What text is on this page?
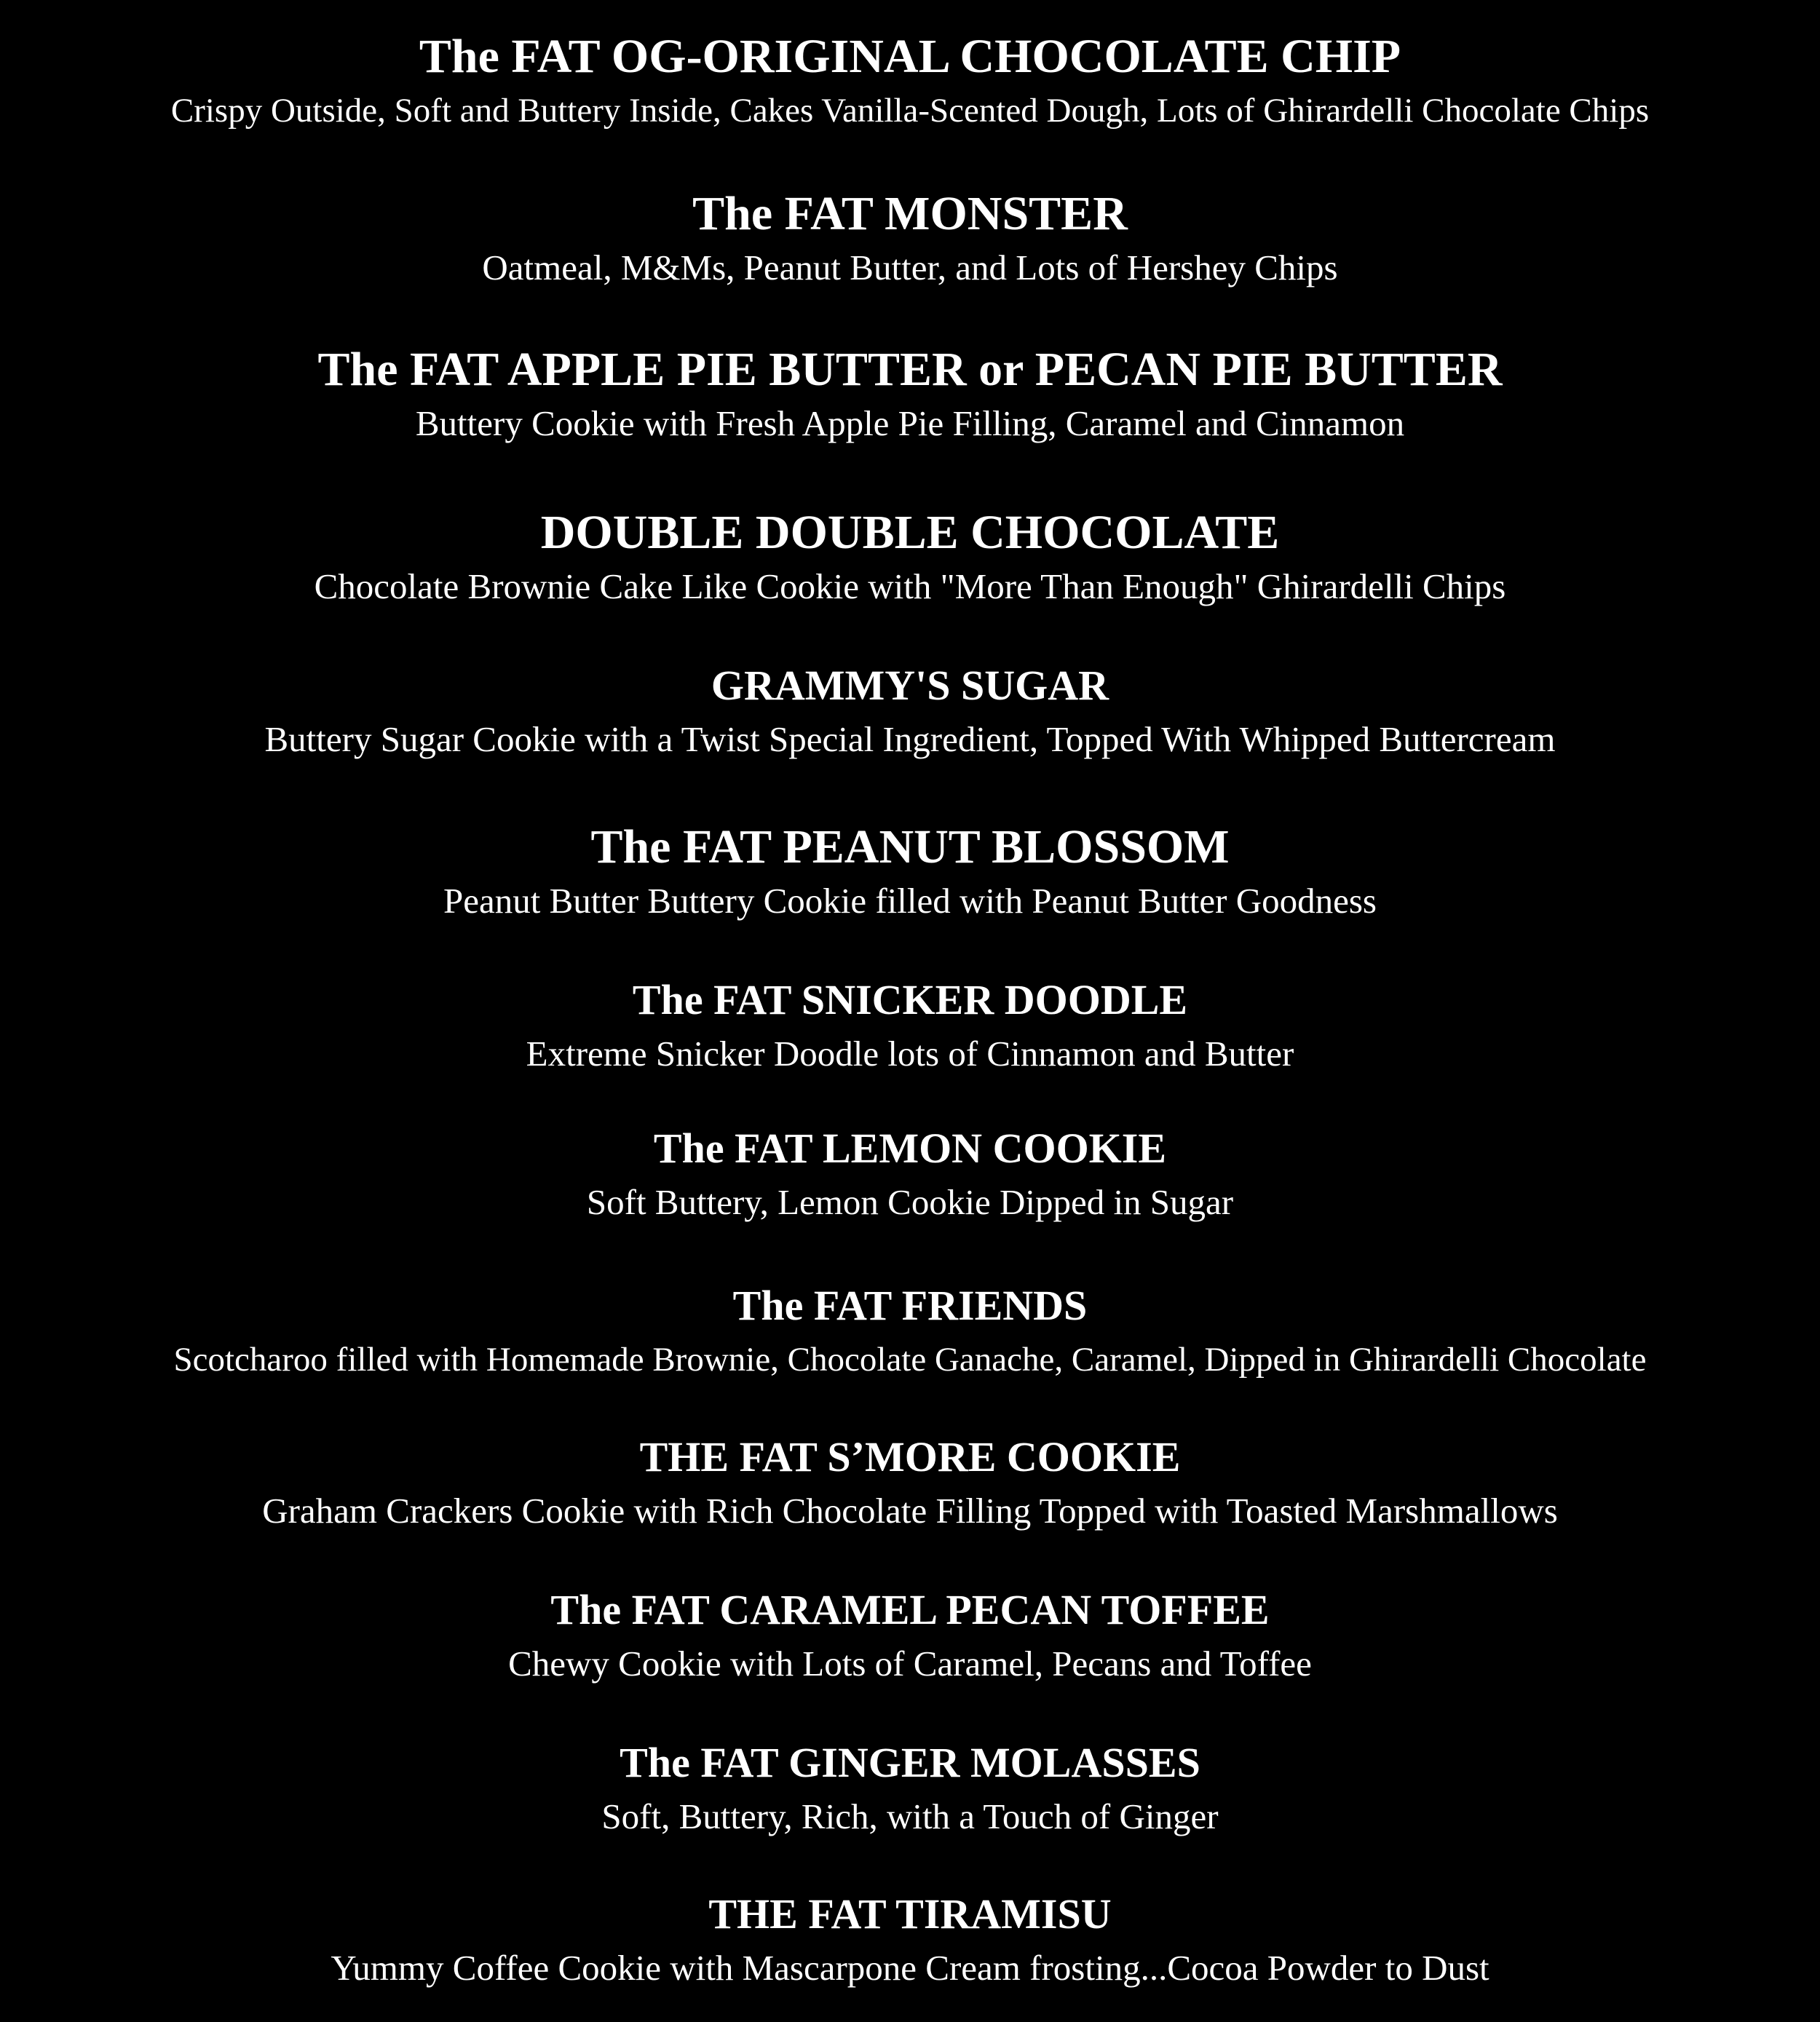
The FAT OG-ORIGINAL CHOCOLATE CHIP
Crispy Outside, Soft and Buttery Inside, Cakes Vanilla-Scented Dough, Lots of Ghirardelli Chocolate Chips
The FAT MONSTER
Oatmeal, M&Ms, Peanut Butter, and Lots of Hershey Chips
The FAT APPLE PIE BUTTER or PECAN PIE BUTTER
Buttery Cookie with Fresh Apple Pie Filling, Caramel and Cinnamon
DOUBLE DOUBLE CHOCOLATE
Chocolate Brownie Cake Like Cookie with "More Than Enough" Ghirardelli Chips
GRAMMY'S SUGAR
Buttery Sugar Cookie with a Twist Special Ingredient, Topped With Whipped Buttercream
The FAT PEANUT BLOSSOM
Peanut Butter Buttery Cookie filled with Peanut Butter Goodness
The FAT SNICKER DOODLE
Extreme Snicker Doodle lots of Cinnamon and Butter
The FAT LEMON COOKIE
Soft Buttery, Lemon Cookie Dipped in Sugar
The FAT FRIENDS
Scotcharoo filled with Homemade Brownie, Chocolate Ganache, Caramel, Dipped in Ghirardelli Chocolate
THE FAT S’MORE COOKIE
Graham Crackers Cookie with Rich Chocolate Filling Topped with Toasted Marshmallows
The FAT CARAMEL PECAN TOFFEE
Chewy Cookie with Lots of Caramel, Pecans and Toffee
The FAT GINGER MOLASSES
Soft, Buttery, Rich, with a Touch of Ginger
THE FAT TIRAMISU
Yummy Coffee Cookie with Mascarpone Cream frosting...Cocoa Powder to Dust
